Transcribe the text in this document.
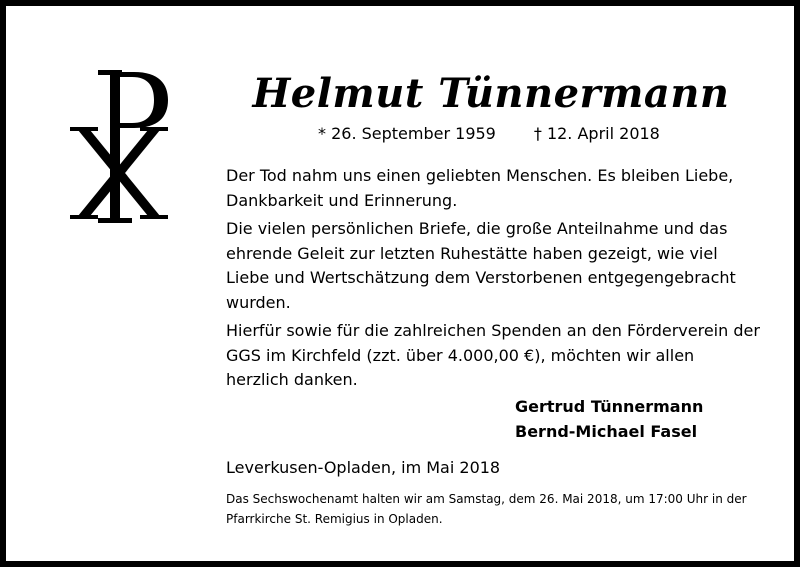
Helmut Tünnermann
* 26. September 1959 † 12. April 2018

Der Tod nahm uns einen geliebten Menschen. Es bleiben Liebe, Dankbarkeit und Erinnerung.

Die vielen persönlichen Briefe, die große Anteilnahme und das ehrende Geleit zur letzten Ruhestätte haben gezeigt, wie viel Liebe und Wertschätzung dem Verstorbenen entgegengebracht wurden.

Hierfür sowie für die zahlreichen Spenden an den Förderverein der GGS im Kirchfeld (zzt. über 4.000,00 €), möchten wir allen herzlich danken.

Gertrud Tünnermann
Bernd-Michael Fasel
Leverkusen-Opladen, im Mai 2018
Das Sechswochenamt halten wir am Samstag, dem 26. Mai 2018, um 17:00 Uhr in der Pfarrkirche St. Remigius in Opladen.
